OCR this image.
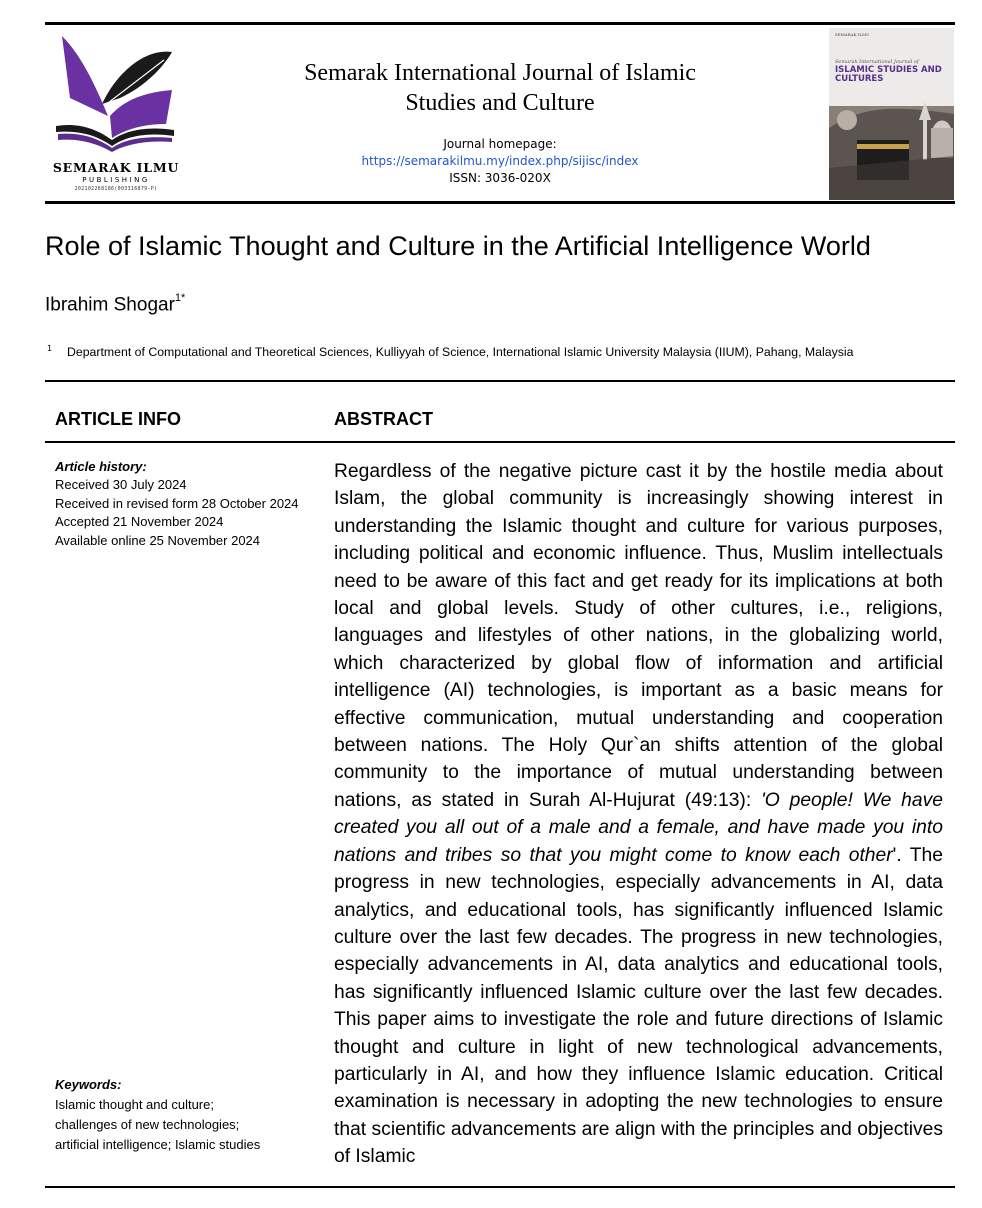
SEMARAK ILMU
PUBLISHING
202102268186(003316879-P)
Semarak International Journal of Islamic
Studies and Culture
Journal homepage:
https://semarakilmu.my/index.php/sijisc/index
ISSN: 3036-020X
SEMARAK ILMU
Semarak International Journal of
ISLAMIC STUDIES AND CULTURES
Role of Islamic Thought and Culture in the Artificial Intelligence World
Ibrahim Shogar$^{1*}$
1 Department of Computational and Theoretical Sciences, Kulliyyah of Science, International Islamic University Malaysia (IIUM), Pahang, Malaysia
ARTICLE INFO	ABSTRACT
Article history:
Received 30 July 2024
Received in revised form 28 October 2024
Accepted 21 November 2024
Available online 25 November 2024
Keywords:
Islamic thought and culture;
challenges of new technologies;
artificial intelligence; Islamic studies

Regardless of the negative picture cast it by the hostile media about Islam, the global community is increasingly showing interest in understanding the Islamic thought and culture for various purposes, including political and economic influence. Thus, Muslim intellectuals need to be aware of this fact and get ready for its implications at both local and global levels. Study of other cultures, i.e., religions, languages and lifestyles of other nations, in the globalizing world, which characterized by global flow of information and artificial intelligence (AI) technologies, is important as a basic means for effective communication, mutual understanding and cooperation between nations. The Holy Qur`an shifts attention of the global community to the importance of mutual understanding between nations, as stated in Surah Al-Hujurat (49:13): 'O people! We have created you all out of a male and a female, and have made you into nations and tribes so that you might come to know each other'. The progress in new technologies, especially advancements in AI, data analytics, and educational tools, has significantly influenced Islamic culture over the last few decades. The progress in new technologies, especially advancements in AI, data analytics and educational tools, has significantly influenced Islamic culture over the last few decades. This paper aims to investigate the role and future directions of Islamic thought and culture in light of new technological advancements, particularly in AI, and how they influence Islamic education. Critical examination is necessary in adopting the new technologies to ensure that scientific advancements are align with the principles and objectives of Islamic
